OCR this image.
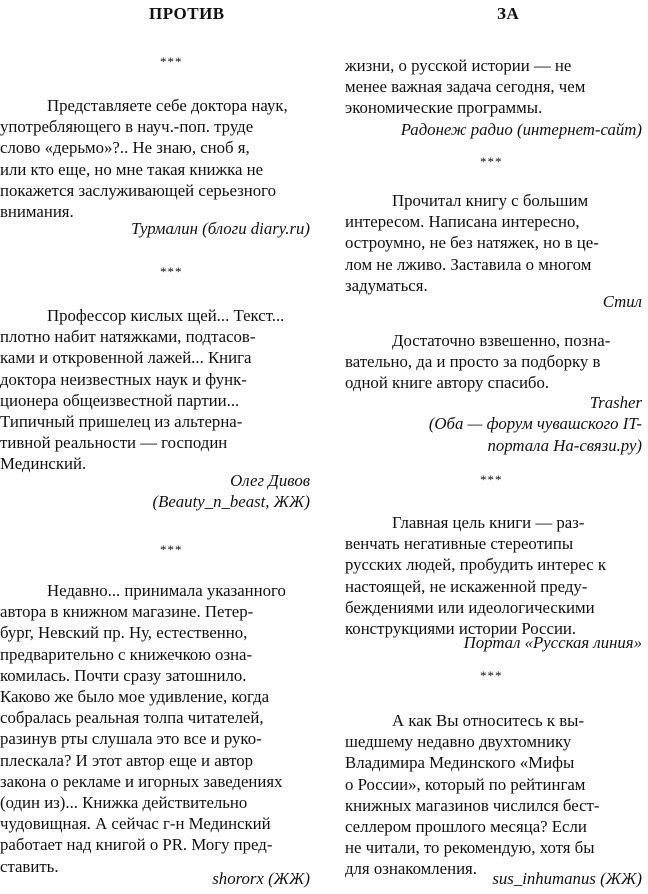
ПРОТИВ	ЗА
***

Представляете себе доктора наук,
употребляющего в науч.-поп. труде
слово «дерьмо»?.. Не знаю, сноб я,
или кто еще, но мне такая книжка не
покажется заслуживающей серьезного
внимания.

Турмалин (блоги diary.ru)
***

Профессор кислых щей... Текст...
плотно набит натяжками, подтасов-
ками и откровенной лажей... Книга
доктора неизвестных наук и функ-
ционера общеизвестной партии...
Типичный пришелец из альтерна-
тивной реальности — господин
Мединский.

Олег Дивов
(Beauty_n_beast, ЖЖ)
***

Недавно... принимала указанного
автора в книжном магазине. Петер-
бург, Невский пр. Ну, естественно,
предварительно с книжечкою озна-
комилась. Почти сразу затошнило.
Каково же было мое удивление, когда
собралась реальная толпа читателей,
разинув рты слушала это все и руко-
плескала? И этот автор еще и автор
закона о рекламе и игорных заведениях
(один из)... Книжка действительно
чудовищная. А сейчас г-н Мединский
работает над книгой о PR. Могу пред-
ставить.

shororx (ЖЖ)

жизни, о русской истории — не
менее важная задача сегодня, чем
экономические программы.

Радонеж радио (интернет-сайт)
***

Прочитал книгу с большим
интересом. Написана интересно,
остроумно, не без натяжек, но в це-
лом не лживо. Заставила о многом
задуматься.

Стил

Достаточно взвешенно, позна-
вательно, да и просто за подборку в
одной книге автору спасибо.

Trasher
(Оба — форум чувашского IT-
портала На-связи.ру)
***

Главная цель книги — раз-
венчать негативные стереотипы
русских людей, пробудить интерес к
настоящей, не искаженной преду-
беждениями или идеологическими
конструкциями истории России.

Портал «Русская линия»
***

А как Вы относитесь к вы-
шедшему недавно двухтомнику
Владимира Мединского «Мифы
о России», который по рейтингам
книжных магазинов числился бест-
селлером прошлого месяца? Если
не читали, то рекомендую, хотя бы
для ознакомления.

sus_inhumanus (ЖЖ)
